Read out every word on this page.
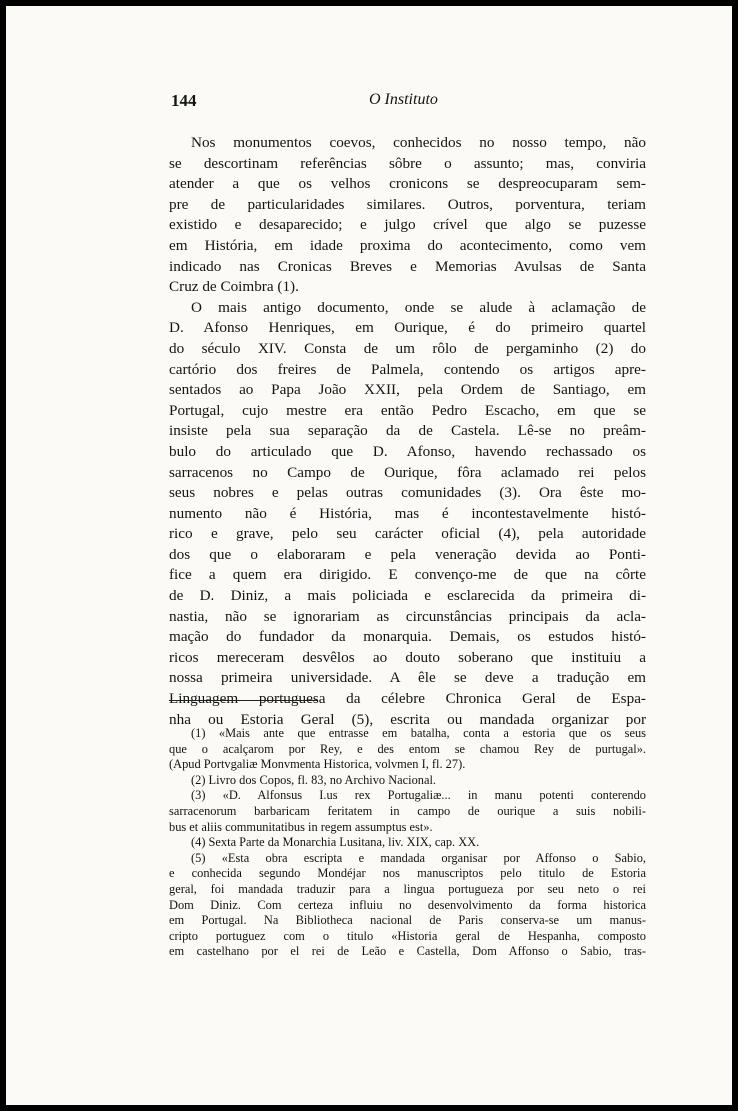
144	O Instituto
Nos monumentos coevos, conhecidos no nosso tempo, não
se descortinam referências sôbre o assunto; mas, conviria
atender a que os velhos cronicons se despreocuparam sem-
pre de particularidades similares. Outros, porventura, teriam
existido e desaparecido; e julgo crível que algo se puzesse
em História, em idade proxima do acontecimento, como vem
indicado nas Cronicas Breves e Memorias Avulsas de Santa
Cruz de Coimbra (1).
O mais antigo documento, onde se alude à aclamação de
D. Afonso Henriques, em Ourique, é do primeiro quartel
do século XIV. Consta de um rôlo de pergaminho (2) do
cartório dos freires de Palmela, contendo os artigos apre-
sentados ao Papa João XXII, pela Ordem de Santiago, em
Portugal, cujo mestre era então Pedro Escacho, em que se
insiste pela sua separação da de Castela. Lê-se no preâm-
bulo do articulado que D. Afonso, havendo rechassado os
sarracenos no Campo de Ourique, fôra aclamado rei pelos
seus nobres e pelas outras comunidades (3). Ora êste mo-
numento não é História, mas é incontestavelmente histó-
rico e grave, pelo seu carácter oficial (4), pela autoridade
dos que o elaboraram e pela veneração devida ao Ponti-
fice a quem era dirigido. E convenço-me de que na côrte
de D. Diniz, a mais policiada e esclarecida da primeira di-
nastia, não se ignorariam as circunstâncias principais da acla-
mação do fundador da monarquia. Demais, os estudos histó-
ricos mereceram desvêlos ao douto soberano que instituiu a
nossa primeira universidade. A êle se deve a tradução em
Linguagem portuguesa da célebre Chronica Geral de Espa-
nha ou Estoria Geral (5), escrita ou mandada organizar por
(1) «Mais ante que entrasse em batalha, conta a estoria que os seus
que o acalçarom por Rey, e des entom se chamou Rey de purtugal».
(Apud Portvgaliæ Monvmenta Historica, volvmen I, fl. 27).
(2) Livro dos Copos, fl. 83, no Archivo Nacional.
(3) «D. Alfonsus I.us rex Portugaliæ... in manu potenti conterendo
sarracenorum barbaricam feritatem in campo de ourique a suis nobili-
bus et aliis communitatibus in regem assumptus est».
(4) Sexta Parte da Monarchia Lusitana, liv. XIX, cap. XX.
(5) «Esta obra escripta e mandada organisar por Affonso o Sabio,
e conhecida segundo Mondéjar nos manuscriptos pelo titulo de Estoria
geral, foi mandada traduzir para a lingua portugueza por seu neto o rei
Dom Diniz. Com certeza influiu no desenvolvimento da forma historica
em Portugal. Na Bibliotheca nacional de Paris conserva-se um manus-
cripto portuguez com o titulo «Historia geral de Hespanha, composto
em castelhano por el rei de Leão e Castella, Dom Affonso o Sabio, tras-
